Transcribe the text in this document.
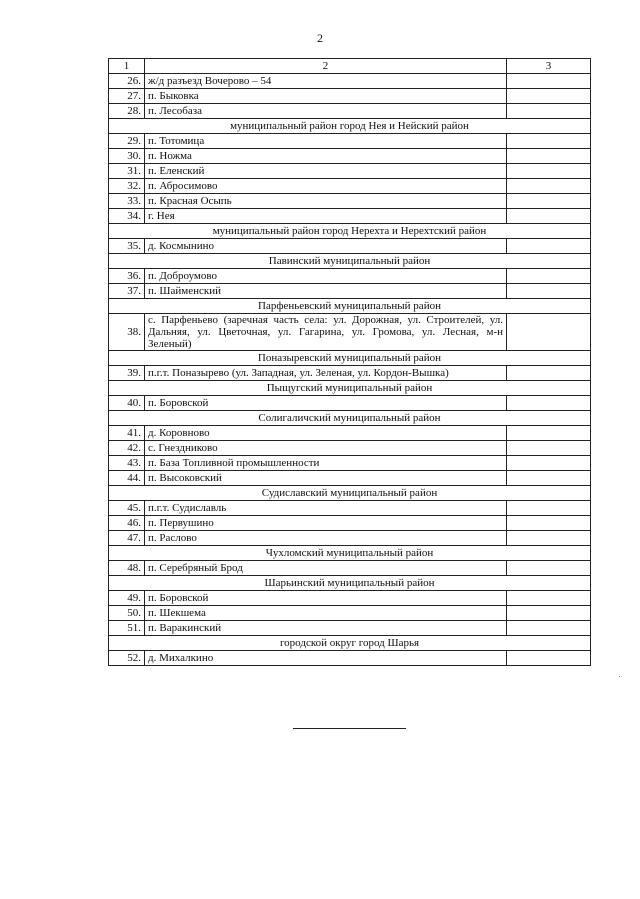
2
1	2	3
26.	ж/д разъезд Вочерово – 54	
27.	п. Быковка	
28.	п. Лесобаза	
муниципальный район город Нея и Нейский район		
29.	п. Тотомица	
30.	п. Ножма	
31.	п. Еленский	
32.	п. Абросимово	
33.	п. Красная Осыпь	
34.	г. Нея	
муниципальный район город Нерехта и Нерехтский район		
35.	д. Космынино	
Павинский муниципальный район		
36.	п. Доброумово	
37.	п. Шайменский	
Парфеньевский муниципальный район		
38.	с. Парфеньево (заречная часть села: ул. Дорожная, ул. Строителей, ул. Дальняя, ул. Цветочная, ул. Гагарина, ул. Громова, ул. Лесная, м-н Зеленый)	
Поназыревский муниципальный район		
39.	п.г.т. Поназырево (ул. Западная, ул. Зеленая, ул. Кордон-Вышка)	
Пыщугский муниципальный район		
40.	п. Боровской	
Солигаличский муниципальный район		
41.	д. Коровново	
42.	с. Гнездниково	
43.	п. База Топливной промышленности	
44.	п. Высоковский	
Судиславский муниципальный район		
45.	п.г.т. Судиславль	
46.	п. Первушино	
47.	п. Раслово	
Чухломский муниципальный район		
48.	п. Серебряный Брод	
Шарьинский муниципальный район		
49.	п. Боровской	
50.	п. Шекшема	
51.	п. Варакинский	
городской округ город Шарья		
52.	д. Михалкино	
